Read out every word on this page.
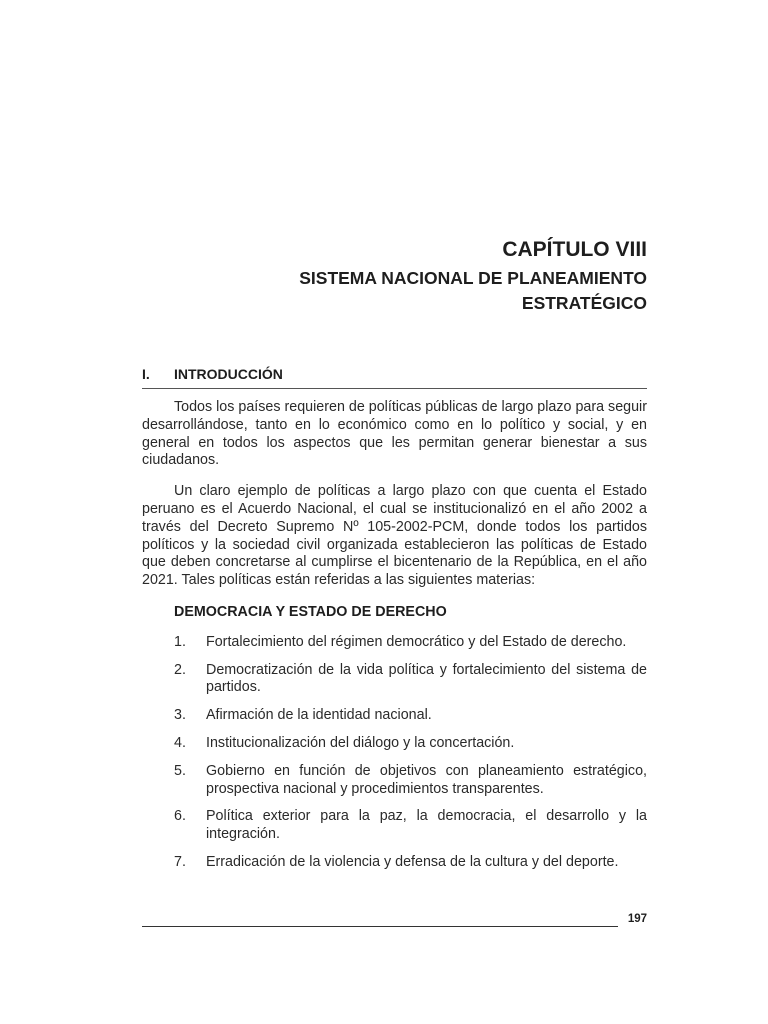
CAPÍTULO VIII
SISTEMA NACIONAL DE PLANEAMIENTO
ESTRATÉGICO
I. INTRODUCCIÓN

Todos los países requieren de políticas públicas de largo plazo para seguir desarrollándose, tanto en lo económico como en lo político y social, y en general en todos los aspectos que les permitan generar bienestar a sus ciudadanos.

Un claro ejemplo de políticas a largo plazo con que cuenta el Estado peruano es el Acuerdo Nacional, el cual se institucionalizó en el año 2002 a través del Decreto Supremo Nº 105-2002-PCM, donde todos los partidos políticos y la sociedad civil organizada establecieron las políticas de Estado que deben concretarse al cumplirse el bicentenario de la República, en el año 2021. Tales políticas están referidas a las siguientes materias:

DEMOCRACIA Y ESTADO DE DERECHO
1. Fortalecimiento del régimen democrático y del Estado de derecho.
2. Democratización de la vida política y fortalecimiento del sistema de partidos.
3. Afirmación de la identidad nacional.
4. Institucionalización del diálogo y la concertación.
5. Gobierno en función de objetivos con planeamiento estratégico, prospectiva nacional y procedimientos transparentes.
6. Política exterior para la paz, la democracia, el desarrollo y la integración.
7. Erradicación de la violencia y defensa de la cultura y del deporte.
197
